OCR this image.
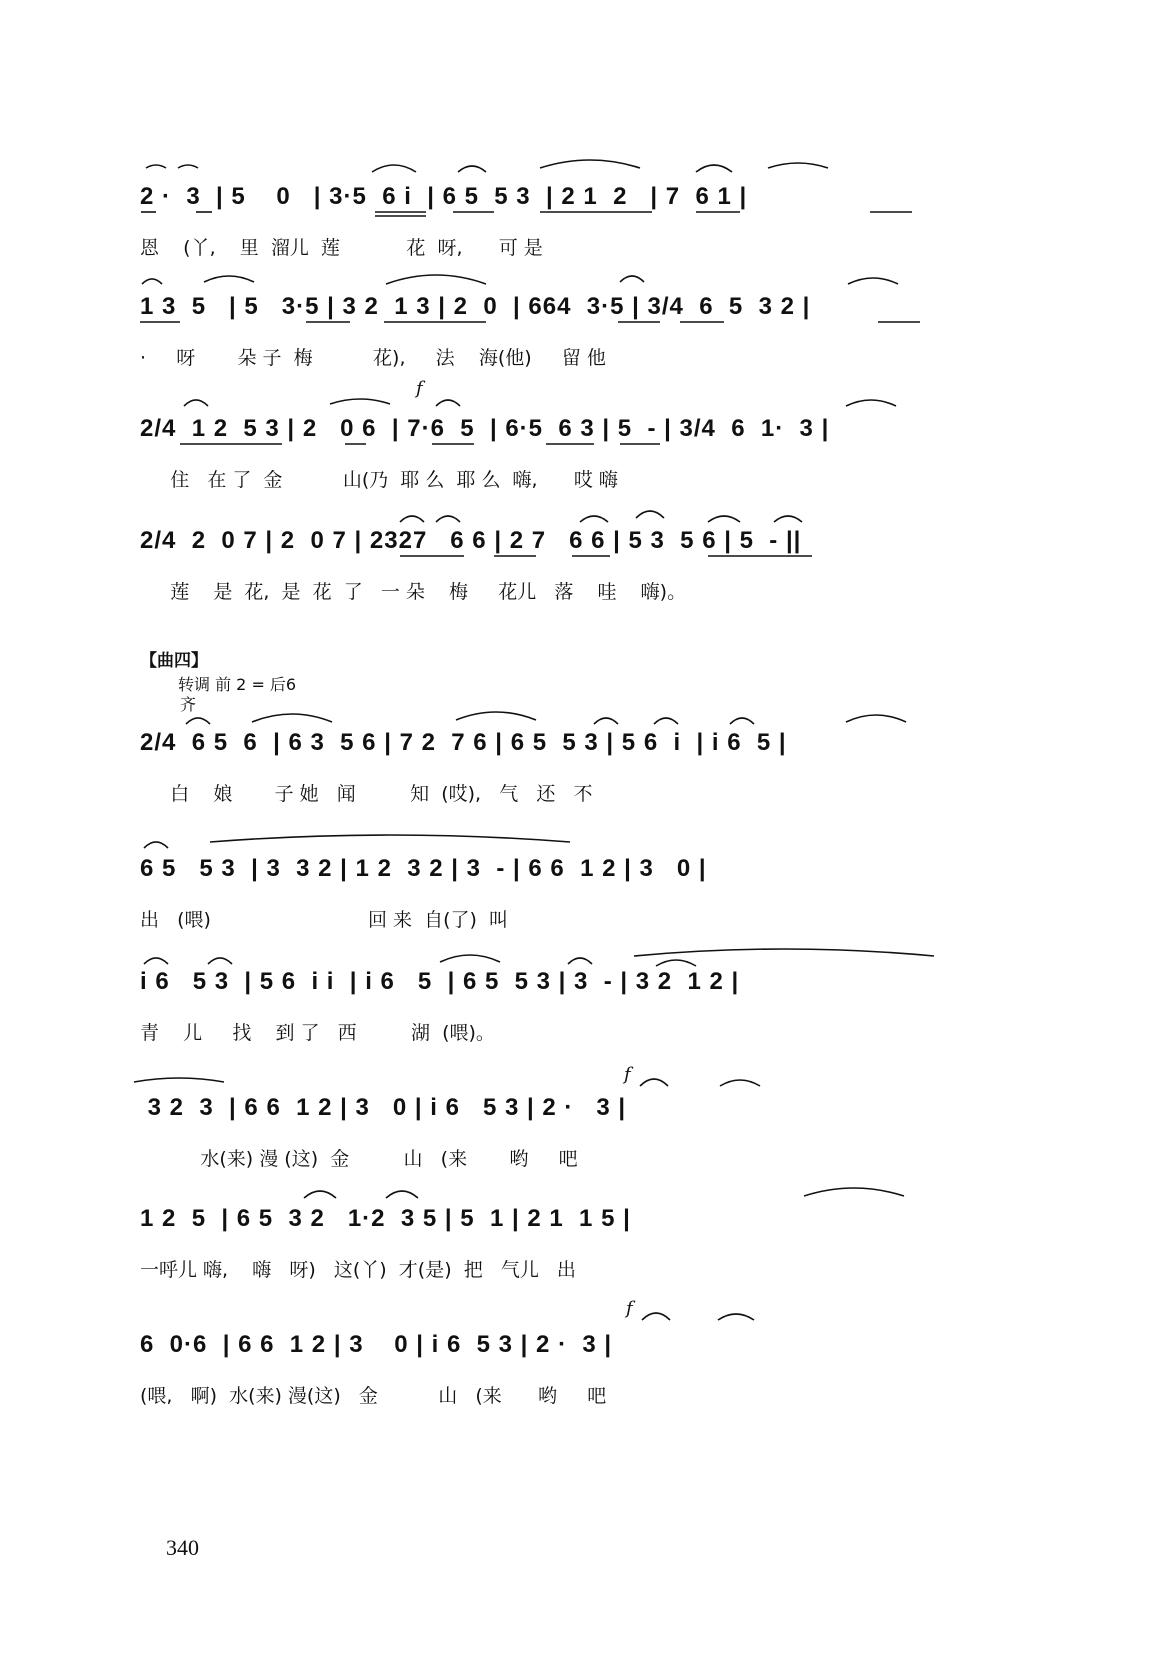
2 ·  3  | 5    0   | 3·5  6 i  | 6 5  5 3  | 2 1  2   | 7  6 1 |
恩    (丫,    里  溜儿  莲           花  呀,      可 是
1 3  5   | 5   3·5 | 3 2  1 3 | 2  0  | 664  3·5 | 3/4  6  5  3 2 |
·     呀       朵 子  梅          花),     法    海(他)     留 他
2/4  1 2  5 3 | 2   0 6  | 7·6  5  | 6·5  6 3 | 5  - | 3/4  6  1·  3 |
住   在 了  金          山(乃  耶 么  耶 么  嗨,      哎 嗨
2/4  2  0 7 | 2  0 7 | 2327   6 6 | 2 7   6 6 | 5 3  5 6 | 5  - ||
莲    是  花,  是  花  了   一 朵    梅     花儿   落    哇    嗨)。
【曲四】
转调 前 2 = 后6
齐
2/4  6 5  6  | 6 3  5 6 | 7 2  7 6 | 6 5  5 3 | 5 6  i  | i 6  5 |
白    娘       子 她   闻         知  (哎),   气   还   不
6 5   5 3  | 3  3 2 | 1 2  3 2 | 3  - | 6 6  1 2 | 3   0 |
出   (喂)                          回 来  自(了)  叫
i 6   5 3  | 5 6  i i  | i 6   5  | 6 5  5 3 | 3  - | 3 2  1 2 |
青    儿     找    到 了   西         湖  (喂)。
3 2  3  | 6 6  1 2 | 3   0 | i 6   5 3 | 2 ·   3 |
水(来) 漫 (这)  金         山   (来       哟     吧
1 2  5  | 6 5  3 2   1·2  3 5 | 5  1 | 2 1  1 5 |
一呼儿 嗨,    嗨   呀)   这(丫)  才(是)  把   气儿   出
6  0·6  | 6 6  1 2 | 3    0 | i 6  5 3 | 2 ·  3 |
(喂,   啊)  水(来) 漫(这)   金          山   (来      哟     吧
f
f
f
340
